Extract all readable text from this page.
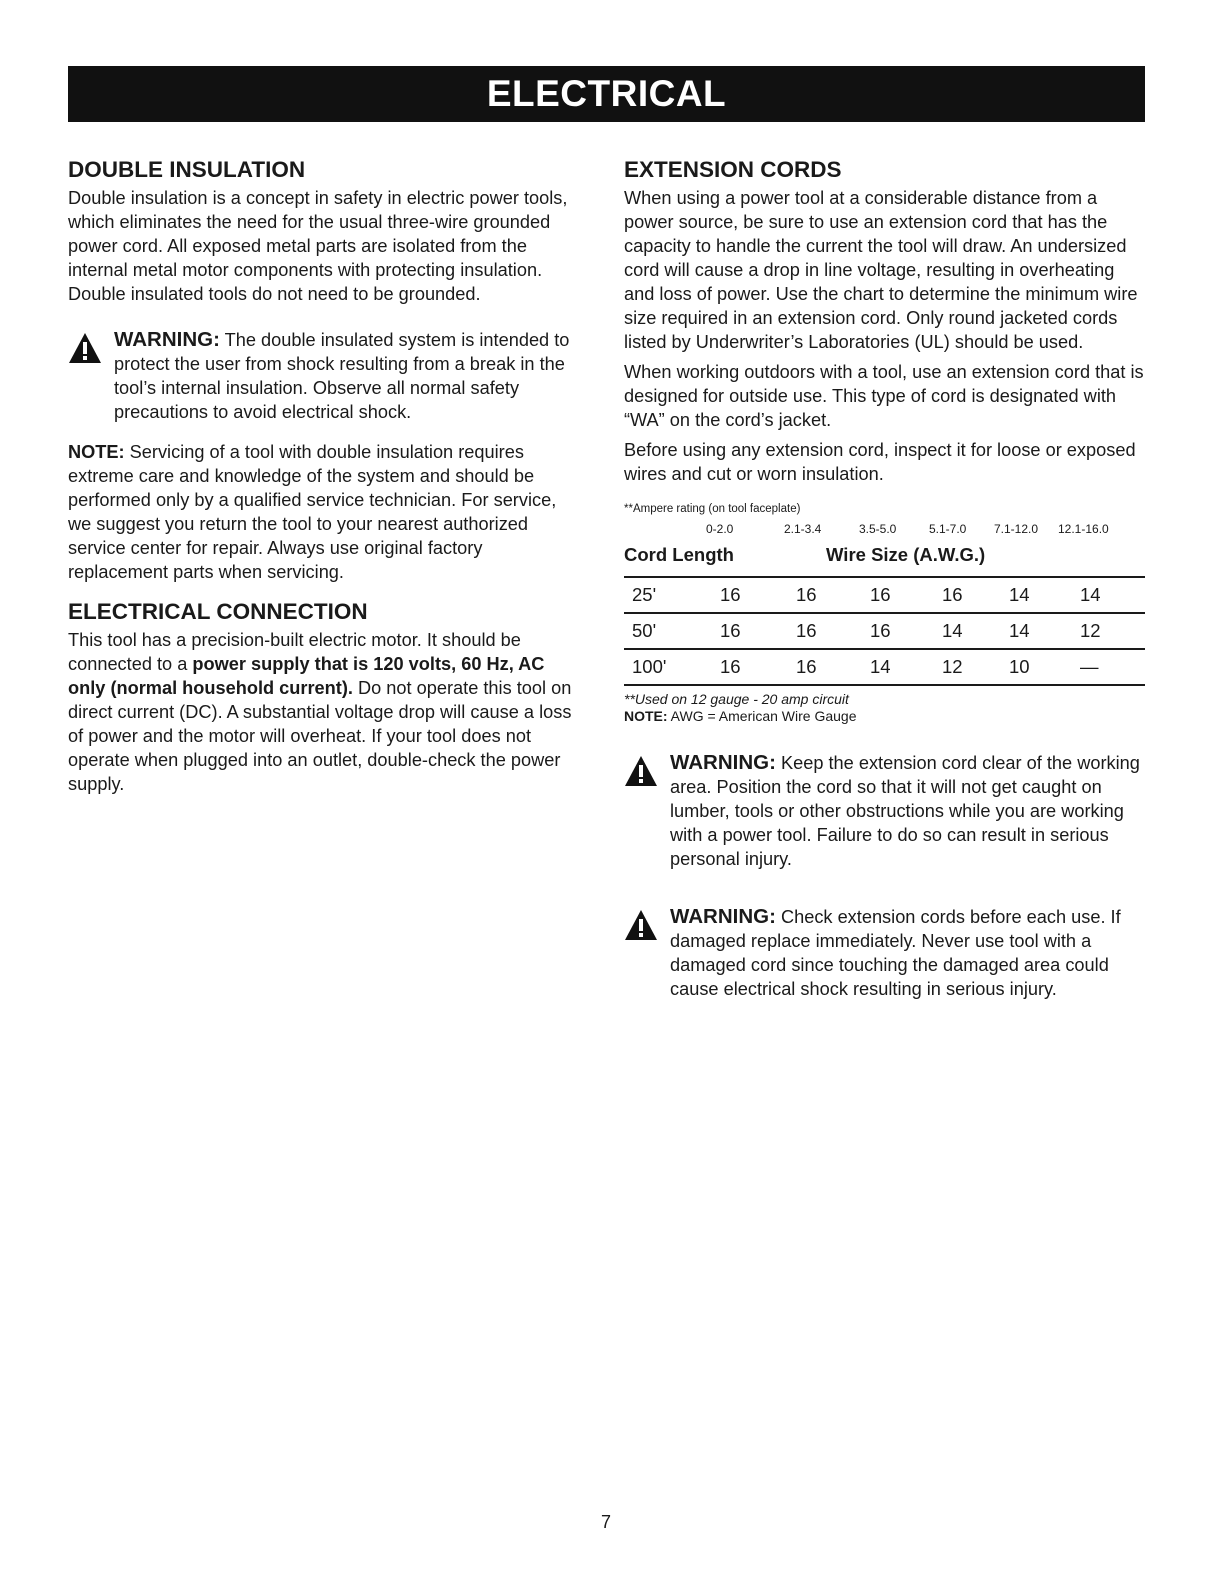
ELECTRICAL
DOUBLE INSULATION

Double insulation is a concept in safety in electric power tools, which eliminates the need for the usual three-wire grounded power cord. All exposed metal parts are isolated from the internal metal motor components with protecting insulation. Double insulated tools do not need to be grounded.

WARNING: The double insulated system is intended to protect the user from shock resulting from a break in the tool’s internal insulation. Observe all normal safety precautions to avoid electrical shock.

NOTE: Servicing of a tool with double insulation requires extreme care and knowledge of the system and should be performed only by a qualified service technician. For service, we suggest you return the tool to your nearest authorized service center for repair. Always use original factory replacement parts when servicing.

ELECTRICAL CONNECTION

This tool has a precision-built electric motor. It should be connected to a power supply that is 120 volts, 60 Hz, AC only (normal household current). Do not operate this tool on direct current (DC). A substantial voltage drop will cause a loss of power and the motor will overheat. If your tool does not operate when plugged into an outlet, double-check the power supply.

EXTENSION CORDS

When using a power tool at a considerable distance from a power source, be sure to use an extension cord that has the capacity to handle the current the tool will draw. An undersized cord will cause a drop in line voltage, resulting in overheating and loss of power. Use the chart to determine the minimum wire size required in an extension cord. Only round jacketed cords listed by Underwriter’s Laboratories (UL) should be used.

When working outdoors with a tool, use an extension cord that is designed for outside use. This type of cord is designated with “WA” on the cord’s jacket.

Before using any extension cord, inspect it for loose or exposed wires and cut or worn insulation.

**Ampere rating (on tool faceplate)
0-2.0	2.1-3.4	3.5-5.0	5.1-7.0 7.1-12.0 12.1-16.0
Cord Length	Wire Size (A.W.G.)
25'	16	16	16	16	14	14
50'	16	16	16	14	14	12
100'	16	16	14	12	10	—
**Used on 12 gauge - 20 amp circuit
NOTE: AWG = American Wire Gauge
WARNING: Keep the extension cord clear of the working area. Position the cord so that it will not get caught on lumber, tools or other obstructions while you are working with a power tool. Failure to do so can result in serious personal injury.
WARNING: Check extension cords before each use. If damaged replace immediately. Never use tool with a damaged cord since touching the damaged area could cause electrical shock resulting in serious injury.
7
